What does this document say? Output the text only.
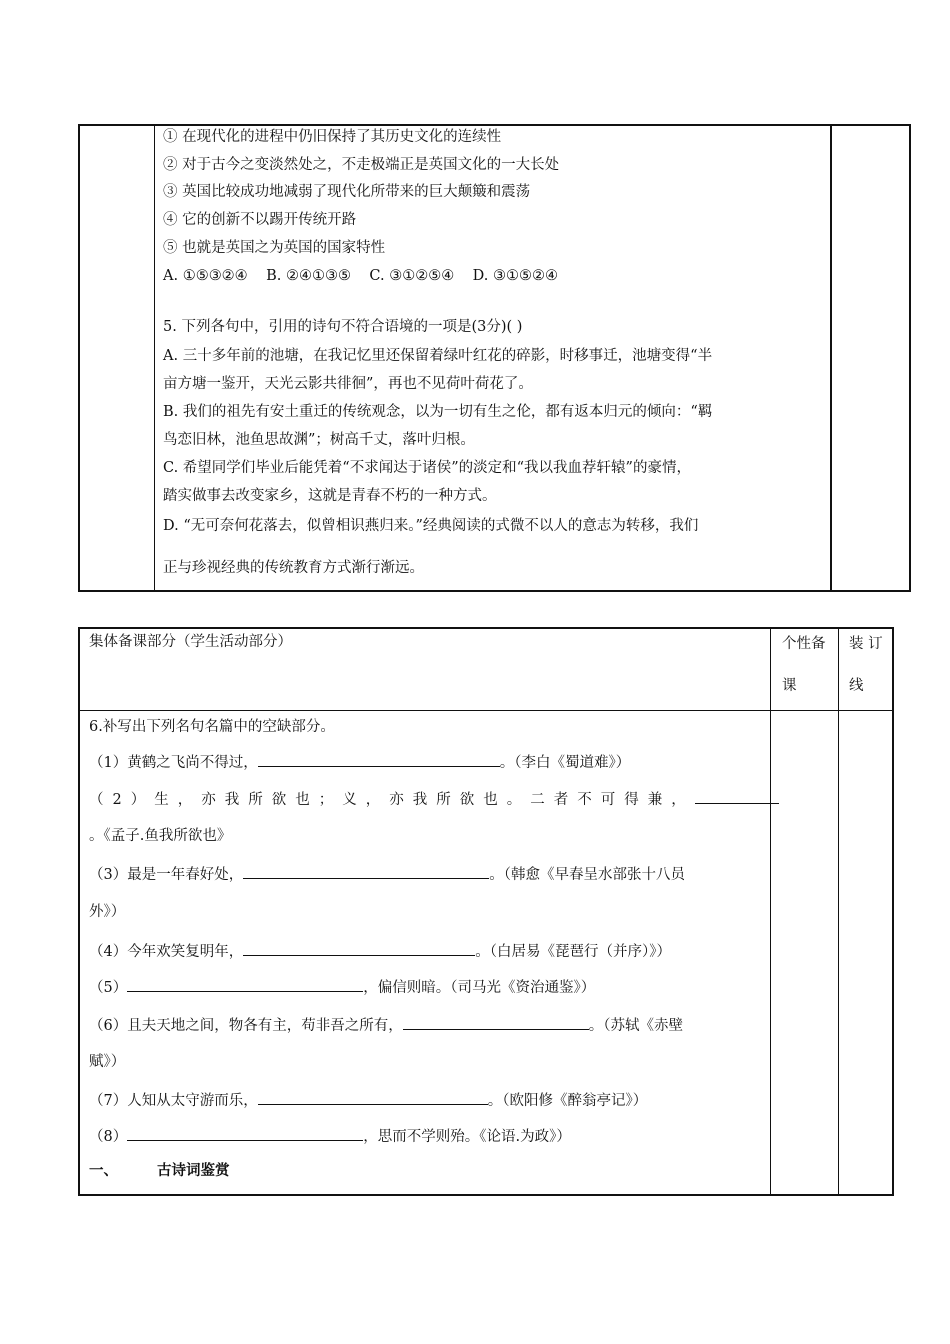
① 在现代化的进程中仍旧保持了其历史文化的连续性
② 对于古今之变淡然处之，不走极端正是英国文化的一大长处
③ 英国比较成功地减弱了现代化所带来的巨大颠簸和震荡
④ 它的创新不以踢开传统开路
⑤ 也就是英国之为英国的国家特性
A. ①⑤③②④    B. ②④①③⑤    C. ③①②⑤④    D. ③①⑤②④
5. 下列各句中，引用的诗句不符合语境的一项是(3分)( )
A. 三十多年前的池塘，在我记忆里还保留着绿叶红花的碎影，时移事迁，池塘变得“半
亩方塘一鉴开，天光云影共徘徊”，再也不见荷叶荷花了。
B. 我们的祖先有安土重迁的传统观念，以为一切有生之伦，都有返本归元的倾向：“羁
鸟恋旧林，池鱼思故渊”；树高千丈，落叶归根。
C. 希望同学们毕业后能凭着“不求闻达于诸侯”的淡定和“我以我血荐轩辕”的豪情，
踏实做事去改变家乡，这就是青春不朽的一种方式。
D. “无可奈何花落去，似曾相识燕归来。”经典阅读的式微不以人的意志为转移，我们
正与珍视经典的传统教育方式渐行渐远。
集体备课部分（学生活动部分）	个性备
课
装 订
线
6.补写出下列名句名篇中的空缺部分。
（1）黄鹤之飞尚不得过，	。（李白《蜀道难》）
（2）生，亦我所欲也；义，亦我所欲也。二者不可得兼，
。《孟子.鱼我所欲也》
（3）最是一年春好处，	。（韩愈《早春呈水部张十八员
外》）
（4）今年欢笑复明年，	。（白居易《琵琶行（并序）》）
（5）	，偏信则暗。（司马光《资治通鉴》）
（6）且夫天地之间，物各有主，苟非吾之所有，	。（苏轼《赤壁
赋》）
（7）人知从太守游而乐，	。（欧阳修《醉翁亭记》）
（8）	，思而不学则殆。《论语.为政》）
一、	古诗词鉴赏
